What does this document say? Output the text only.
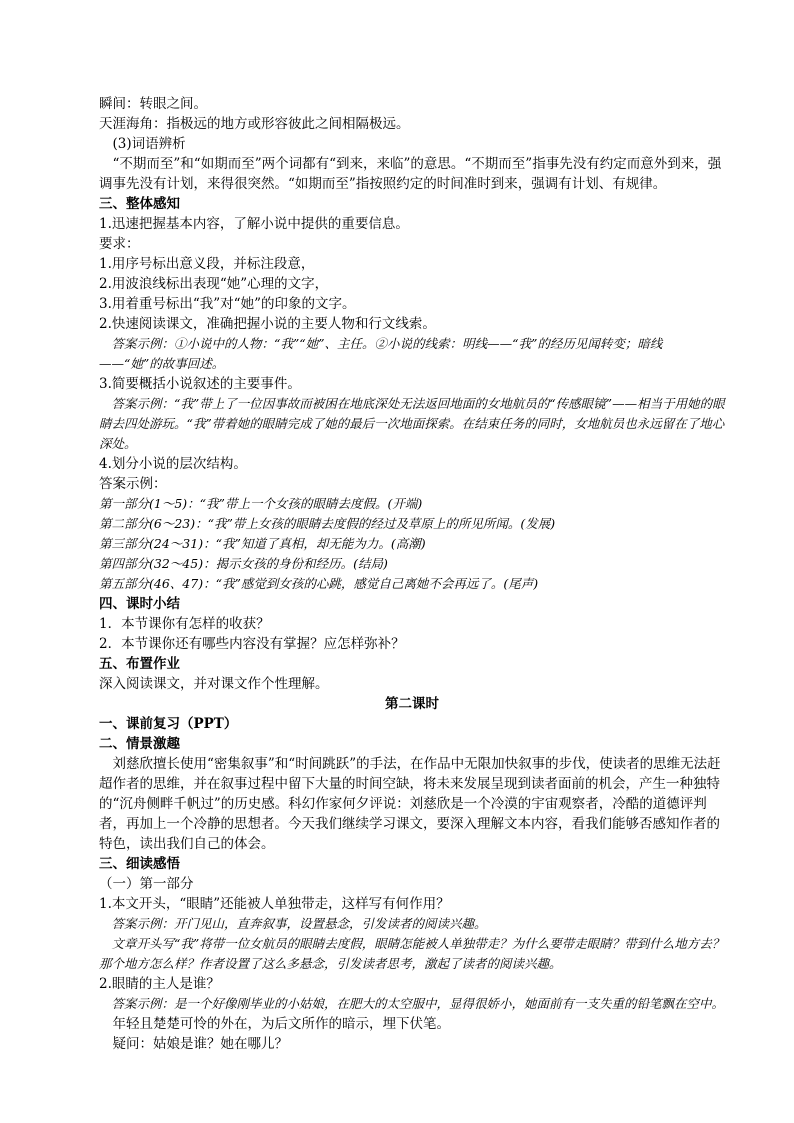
瞬间：转眼之间。

天涯海角：指极远的地方或形容彼此之间相隔极远。

(3)词语辨析

“不期而至”和“如期而至”两个词都有“到来，来临”的意思。“不期而至”指事先没有约定而意外到来，强调事先没有计划，来得很突然。“如期而至”指按照约定的时间准时到来，强调有计划、有规律。

三、整体感知

1.迅速把握基本内容，了解小说中提供的重要信息。

要求：

1.用序号标出意义段，并标注段意，

2.用波浪线标出表现“她”心理的文字，

3.用着重号标出“我”对“她”的印象的文字。

2.快速阅读课文，准确把握小说的主要人物和行文线索。

答案示例：①小说中的人物：“我”“她”、主任。②小说的线索：明线——“我”的经历见闻转变；暗线——“她”的故事回述。

3.简要概括小说叙述的主要事件。

答案示例：“我”带上了一位因事故而被困在地底深处无法返回地面的女地航员的“传感眼镜”——相当于用她的眼睛去四处游玩。“我”带着她的眼睛完成了她的最后一次地面探索。在结束任务的同时，女地航员也永远留在了地心深处。

4.划分小说的层次结构。

答案示例：

第一部分(1～5)：“我”带上一个女孩的眼睛去度假。(开端)

第二部分(6～23)：“我”带上女孩的眼睛去度假的经过及草原上的所见所闻。(发展)

第三部分(24～31)：“我”知道了真相，却无能为力。(高潮)

第四部分(32～45)：揭示女孩的身份和经历。(结局)

第五部分(46、47)：“我”感觉到女孩的心跳，感觉自己离她不会再远了。(尾声)

四、课时小结

1．本节课你有怎样的收获？

2．本节课你还有哪些内容没有掌握？应怎样弥补？

五、布置作业

深入阅读课文，并对课文作个性理解。

第二课时

一、课前复习（PPT）

二、情景激趣

刘慈欣擅长使用“密集叙事”和“时间跳跃”的手法，在作品中无限加快叙事的步伐，使读者的思维无法赶超作者的思维，并在叙事过程中留下大量的时间空缺，将未来发展呈现到读者面前的机会，产生一种独特的“沉舟侧畔千帆过”的历史感。科幻作家何夕评说：刘慈欣是一个冷漠的宇宙观察者，冷酷的道德评判者，再加上一个冷静的思想者。今天我们继续学习课文，要深入理解文本内容，看我们能够否感知作者的特色，读出我们自己的体会。

三、细读感悟

（一）第一部分

1.本文开头，“眼睛”还能被人单独带走，这样写有何作用？

答案示例：开门见山，直奔叙事，设置悬念，引发读者的阅读兴趣。

文章开头写“我”将带一位女航员的眼睛去度假，眼睛怎能被人单独带走？为什么要带走眼睛？带到什么地方去？那个地方怎么样？作者设置了这么多悬念，引发读者思考，激起了读者的阅读兴趣。

2.眼睛的主人是谁？

答案示例：是一个好像刚毕业的小姑娘，在肥大的太空服中，显得很娇小，她面前有一支失重的铅笔飘在空中。

年轻且楚楚可怜的外在，为后文所作的暗示，埋下伏笔。

疑问：姑娘是谁？她在哪儿？
